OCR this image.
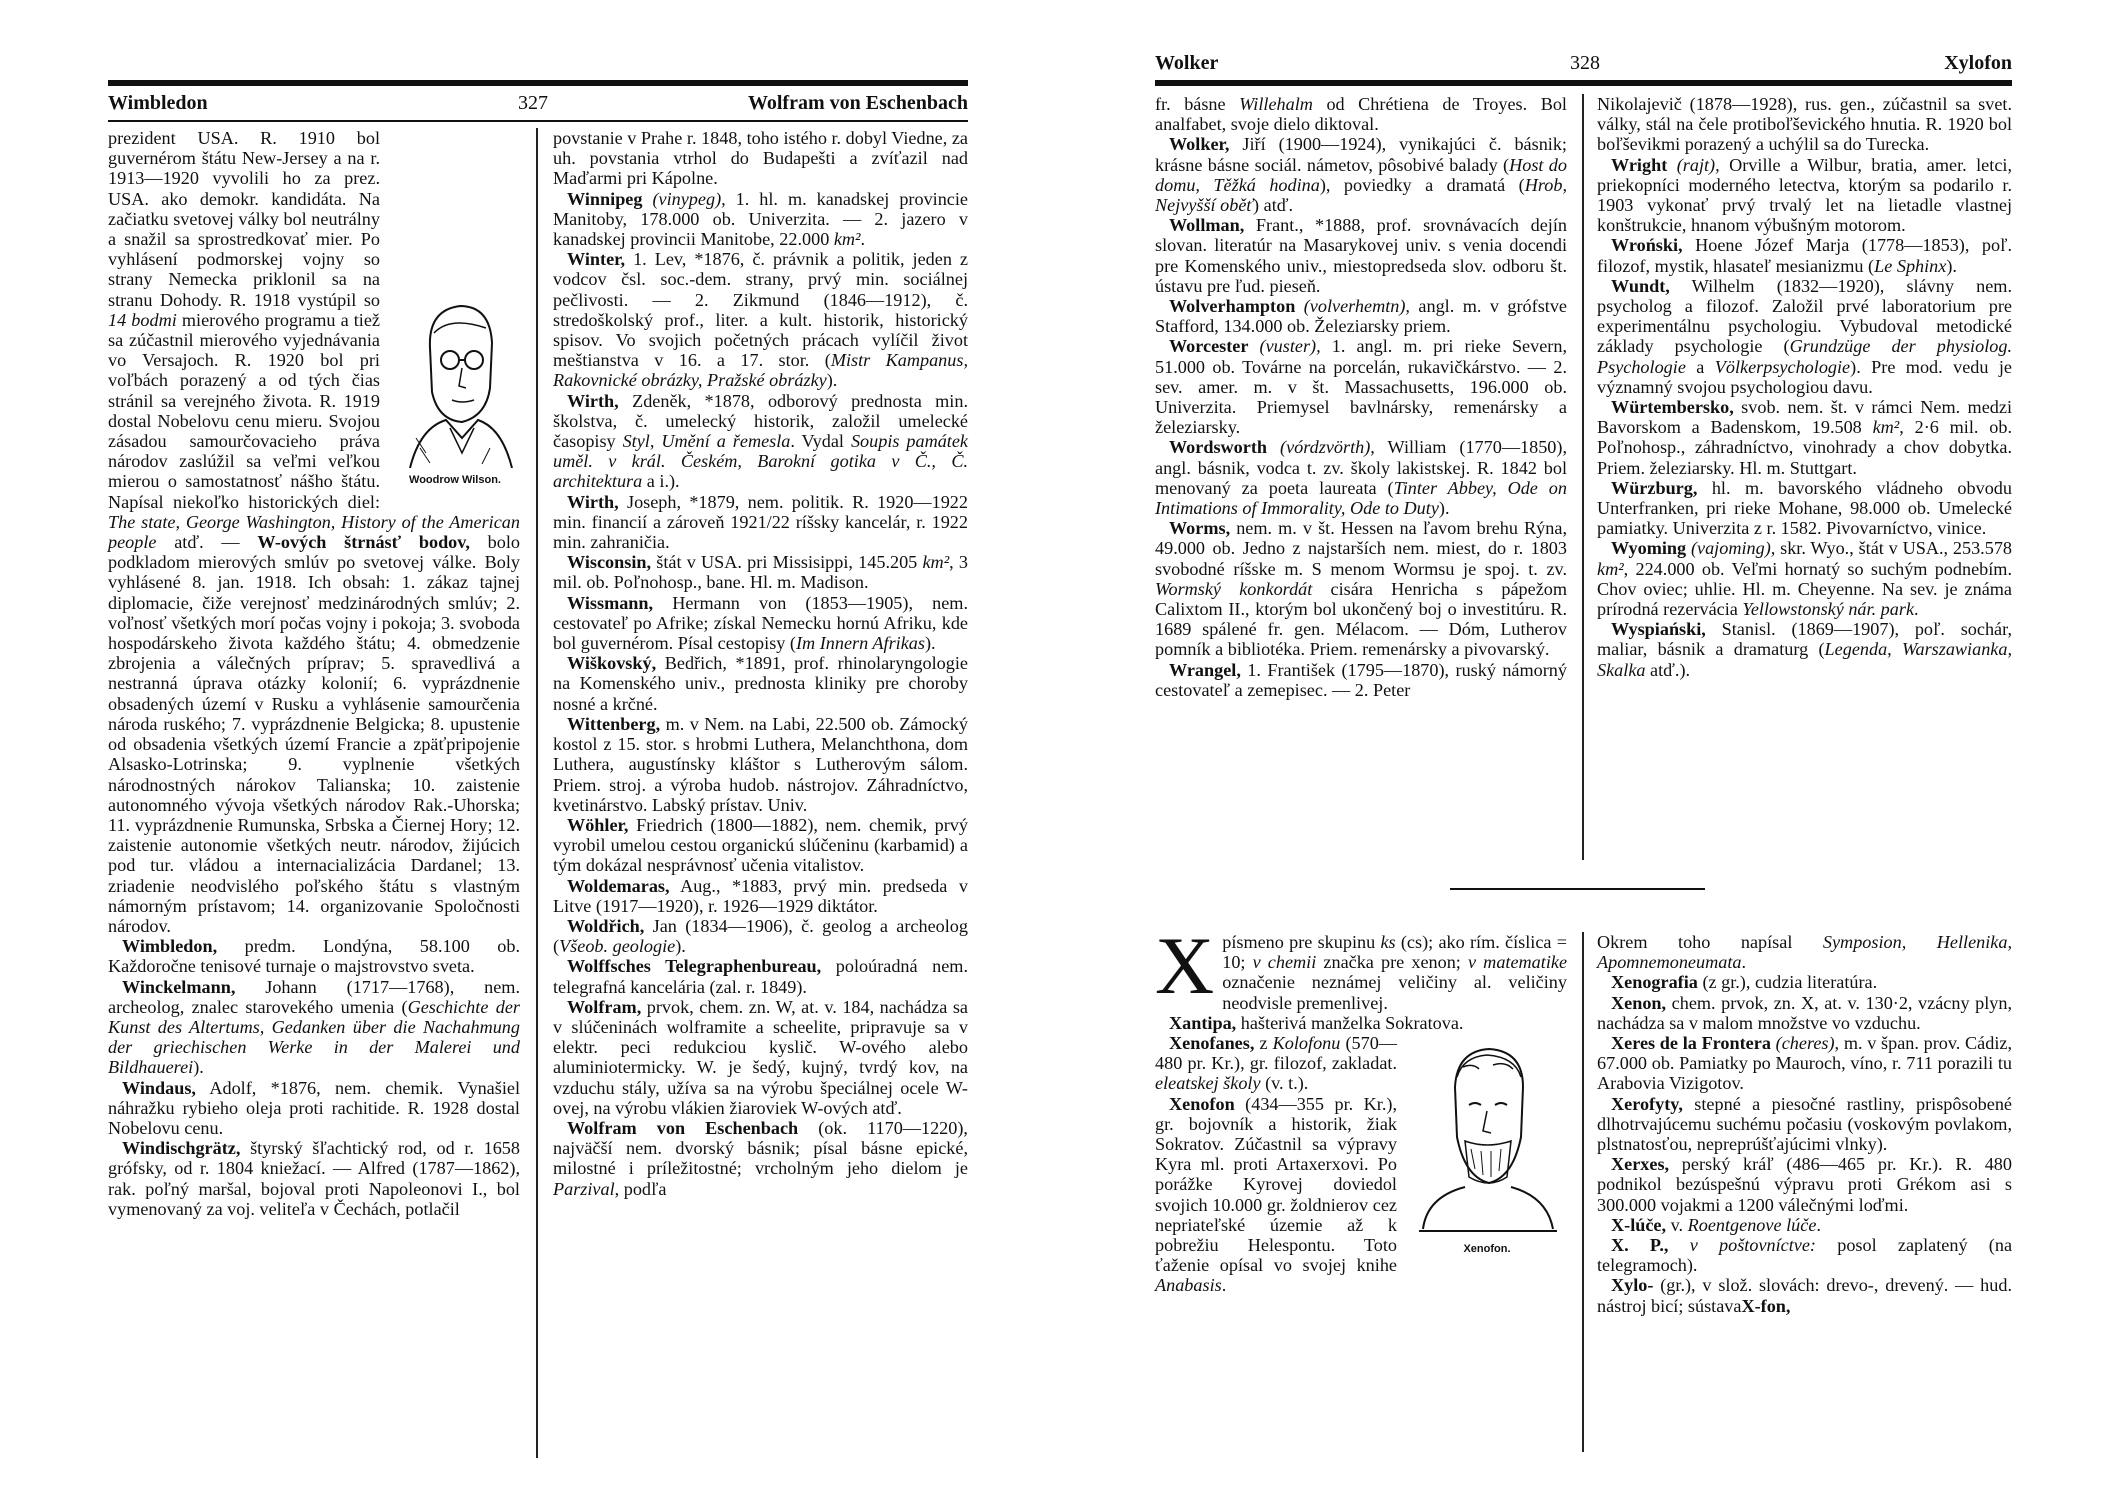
Wimbledon	327	Wolfram von Eschenbach

Woodrow Wilson.
prezident USA. R. 1910 bol guvernérom štátu New-Jersey a na r. 1913—1920 vyvolili ho za prez. USA. ako demokr. kandidáta. Na začiatku svetovej války bol neutrálny a snažil sa sprostredkovať mier. Po vyhlásení podmorskej vojny so strany Nemecka priklonil sa na stranu Dohody. R. 1918 vystúpil so 14 bodmi mierového programu a tiež sa zúčastnil mierového vyjednávania vo Versajoch. R. 1920 bol pri voľbách porazený a od tých čias stránil sa verejného života. R. 1919 dostal Nobelovu cenu mieru. Svojou zásadou samourčovacieho práva národov zaslúžil sa veľmi veľkou mierou o samostatnosť nášho štátu. Napísal niekoľko historických diel: The state, George Washington, History of the American people atď. — W-ových štrnásť bodov, bolo podkladom mierových smlúv po svetovej válke. Boly vyhlásené 8. jan. 1918. Ich obsah: 1. zákaz tajnej diplomacie, čiže verejnosť medzinárodných smlúv; 2. voľnosť všetkých morí počas vojny i pokoja; 3. svoboda hospodárskeho života každého štátu; 4. obmedzenie zbrojenia a válečných príprav; 5. spravedlivá a nestranná úprava otázky kolonií; 6. vyprázdnenie obsadených území v Rusku a vyhlásenie samourčenia národa ruského; 7. vyprázdnenie Belgicka; 8. upustenie od obsadenia všetkých území Francie a zpäťpripojenie Alsasko-Lotrinska; 9. vyplnenie všetkých národnostných nárokov Talianska; 10. zaistenie autonomného vývoja všetkých národov Rak.-Uhorska; 11. vyprázdnenie Rumunska, Srbska a Čiernej Hory; 12. zaistenie autonomie všetkých neutr. národov, žijúcich pod tur. vládou a internacializácia Dardanel; 13. zriadenie neodvislého poľského štátu s vlastným námorným prístavom; 14. organizovanie Spoločnosti národov.

Wimbledon, predm. Londýna, 58.100 ob. Každoročne tenisové turnaje o majstrovstvo sveta.

Winckelmann, Johann (1717—1768), nem. archeolog, znalec starovekého umenia (Geschichte der Kunst des Altertums, Gedanken über die Nachahmung der griechischen Werke in der Malerei und Bildhauerei).

Windaus, Adolf, *1876, nem. chemik. Vynašiel náhražku rybieho oleja proti rachitide. R. 1928 dostal Nobelovu cenu.

Windischgrätz, štyrský šľachtický rod, od r. 1658 grófsky, od r. 1804 kniežací. — Alfred (1787—1862), rak. poľný maršal, bojoval proti Napoleonovi I., bol vymenovaný za voj. veliteľa v Čechách, potlačil

povstanie v Prahe r. 1848, toho istého r. dobyl Viedne, za uh. povstania vtrhol do Budapešti a zvíťazil nad Maďarmi pri Kápolne.

Winnipeg (vinypeg), 1. hl. m. kanadskej provincie Manitoby, 178.000 ob. Univerzita. — 2. jazero v kanadskej provincii Manitobe, 22.000 km².

Winter, 1. Lev, *1876, č. právnik a politik, jeden z vodcov čsl. soc.-dem. strany, prvý min. sociálnej pečlivosti. — 2. Zikmund (1846—1912), č. stredoškolský prof., liter. a kult. historik, historický spisov. Vo svojich početných prácach vylíčil život meštianstva v 16. a 17. stor. (Mistr Kampanus, Rakovnické obrázky, Pražské obrázky).

Wirth, Zdeněk, *1878, odborový prednosta min. školstva, č. umelecký historik, založil umelecké časopisy Styl, Umění a řemesla. Vydal Soupis památek uměl. v král. Českém, Barokní gotika v Č., Č. architektura a i.).

Wirth, Joseph, *1879, nem. politik. R. 1920—1922 min. financií a zároveň 1921/22 ríšsky kancelár, r. 1922 min. zahraničia.

Wisconsin, štát v USA. pri Missisippi, 145.205 km², 3 mil. ob. Poľnohosp., bane. Hl. m. Madison.

Wissmann, Hermann von (1853—1905), nem. cestovateľ po Afrike; získal Nemecku hornú Afriku, kde bol guvernérom. Písal cestopisy (Im Innern Afrikas).

Wiškovský, Bedřich, *1891, prof. rhinolaryngologie na Komenského univ., prednosta kliniky pre choroby nosné a krčné.

Wittenberg, m. v Nem. na Labi, 22.500 ob. Zámocký kostol z 15. stor. s hrobmi Luthera, Melanchthona, dom Luthera, augustínsky kláštor s Lutherovým sálom. Priem. stroj. a výroba hudob. nástrojov. Záhradníctvo, kvetinárstvo. Labský prístav. Univ.

Wöhler, Friedrich (1800—1882), nem. chemik, prvý vyrobil umelou cestou organickú slúčeninu (karbamid) a tým dokázal nesprávnosť učenia vitalistov.

Woldemaras, Aug., *1883, prvý min. predseda v Litve (1917—1920), r. 1926—1929 diktátor.

Woldřich, Jan (1834—1906), č. geolog a archeolog (Všeob. geologie).

Wolffsches Telegraphenbureau, poloúradná nem. telegrafná kancelária (zal. r. 1849).

Wolfram, prvok, chem. zn. W, at. v. 184, nachádza sa v slúčeninách wolframite a scheelite, pripravuje sa v elektr. peci redukciou kyslič. W-ového alebo aluminiotermicky. W. je šedý, kujný, tvrdý kov, na vzduchu stály, užíva sa na výrobu špeciálnej ocele W-ovej, na výrobu vlákien žiaroviek W-ových atď.

Wolfram von Eschenbach (ok. 1170—1220), najväčší nem. dvorský básnik; písal básne epické, milostné i príležitostné; vrcholným jeho dielom je Parzival, podľa

Wolker	328	Xylofon

fr. básne Willehalm od Chrétiena de Troyes. Bol analfabet, svoje dielo diktoval.

Wolker, Jiří (1900—1924), vynikajúci č. básnik; krásne básne sociál. námetov, pôsobivé balady (Host do domu, Těžká hodina), poviedky a dramatá (Hrob, Nejvyšší oběť) atď.

Wollman, Frant., *1888, prof. srovnávacích dejín slovan. literatúr na Masarykovej univ. s venia docendi pre Komenského univ., miestopredseda slov. odboru št. ústavu pre ľud. pieseň.

Wolverhampton (volverhemtn), angl. m. v grófstve Stafford, 134.000 ob. Železiarsky priem.

Worcester (vuster), 1. angl. m. pri rieke Severn, 51.000 ob. Továrne na porcelán, rukavičkárstvo. — 2. sev. amer. m. v št. Massachusetts, 196.000 ob. Univerzita. Priemysel bavlnársky, remenársky a železiarsky.

Wordsworth (vórdzvörth), William (1770—1850), angl. básnik, vodca t. zv. školy lakistskej. R. 1842 bol menovaný za poeta laureata (Tinter Abbey, Ode on Intimations of Immorality, Ode to Duty).

Worms, nem. m. v št. Hessen na ľavom brehu Rýna, 49.000 ob. Jedno z najstarších nem. miest, do r. 1803 svobodné ríšske m. S menom Wormsu je spoj. t. zv. Wormský konkordát cisára Henricha s pápežom Calixtom II., ktorým bol ukončený boj o investitúru. R. 1689 spálené fr. gen. Mélacom. — Dóm, Lutherov pomník a bibliotéka. Priem. remenársky a pivovarský.

Wrangel, 1. František (1795—1870), ruský námorný cestovateľ a zemepisec. — 2. Peter

Nikolajevič (1878—1928), rus. gen., zúčastnil sa svet. války, stál na čele protiboľševického hnutia. R. 1920 bol boľševikmi porazený a uchýlil sa do Turecka.

Wright (rajt), Orville a Wilbur, bratia, amer. letci, priekopníci moderného letectva, ktorým sa podarilo r. 1903 vykonať prvý trvalý let na lietadle vlastnej konštrukcie, hnanom výbušným motorom.

Wroński, Hoene Józef Marja (1778—1853), poľ. filozof, mystik, hlasateľ mesianizmu (Le Sphinx).

Wundt, Wilhelm (1832—1920), slávny nem. psycholog a filozof. Založil prvé laboratorium pre experimentálnu psychologiu. Vybudoval metodické základy psychologie (Grundzüge der physiolog. Psychologie a Völkerpsychologie). Pre mod. vedu je významný svojou psychologiou davu.

Würtembersko, svob. nem. št. v rámci Nem. medzi Bavorskom a Badenskom, 19.508 km², 2·6 mil. ob. Poľnohosp., záhradníctvo, vinohrady a chov dobytka. Priem. železiarsky. Hl. m. Stuttgart.

Würzburg, hl. m. bavorského vládneho obvodu Unterfranken, pri rieke Mohane, 98.000 ob. Umelecké pamiatky. Univerzita z r. 1582. Pivovarníctvo, vinice.

Wyoming (vajoming), skr. Wyo., štát v USA., 253.578 km², 224.000 ob. Veľmi hornatý so suchým podnebím. Chov oviec; uhlie. Hl. m. Cheyenne. Na sev. je známa prírodná rezervácia Yellowstonský nár. park.

Wyspiański, Stanisl. (1869—1907), poľ. sochár, maliar, básnik a dramaturg (Legenda, Warszawianka, Skalka atď.).

X písmeno pre skupinu ks (cs); ako rím. číslica = 10; v chemii značka pre xenon; v matematike označenie neznámej veličiny al. veličiny neodvisle premenlivej.

Xantipa, hašterivá manželka Sokratova.

Xenofon.

Xenofanes, z Kolofonu (570—480 pr. Kr.), gr. filozof, zakladat. eleatskej školy (v. t.).

Xenofon (434—355 pr. Kr.), gr. bojovník a historik, žiak Sokratov. Zúčastnil sa výpravy Kyra ml. proti Artaxerxovi. Po porážke Kyrovej doviedol svojich 10.000 gr. žoldnierov cez nepriateľské územie až k pobrežiu Helespontu. Toto ťaženie opísal vo svojej knihe Anabasis.

Okrem toho napísal Symposion, Hellenika, Apomnemoneumata.

Xenografia (z gr.), cudzia literatúra.

Xenon, chem. prvok, zn. X, at. v. 130·2, vzácny plyn, nachádza sa v malom množstve vo vzduchu.

Xeres de la Frontera (cheres), m. v špan. prov. Cádiz, 67.000 ob. Pamiatky po Mauroch, víno, r. 711 porazili tu Arabovia Vizigotov.

Xerofyty, stepné a piesočné rastliny, prispôsobené dlhotrvajúcemu suchému počasiu (voskovým povlakom, plstnatosťou, nepreprúšťajúcimi vlnky).

Xerxes, perský kráľ (486—465 pr. Kr.). R. 480 podnikol bezúspešnú výpravu proti Grékom asi s 300.000 vojakmi a 1200 válečnými loďmi.

X-lúče, v. Roentgenove lúče.

X. P., v poštovníctve: posol zaplatený (na telegramoch).

Xylo- (gr.), v slož. slovách: drevo-, drevený. — hud. nástroj bicí; sústavaX-fon,
